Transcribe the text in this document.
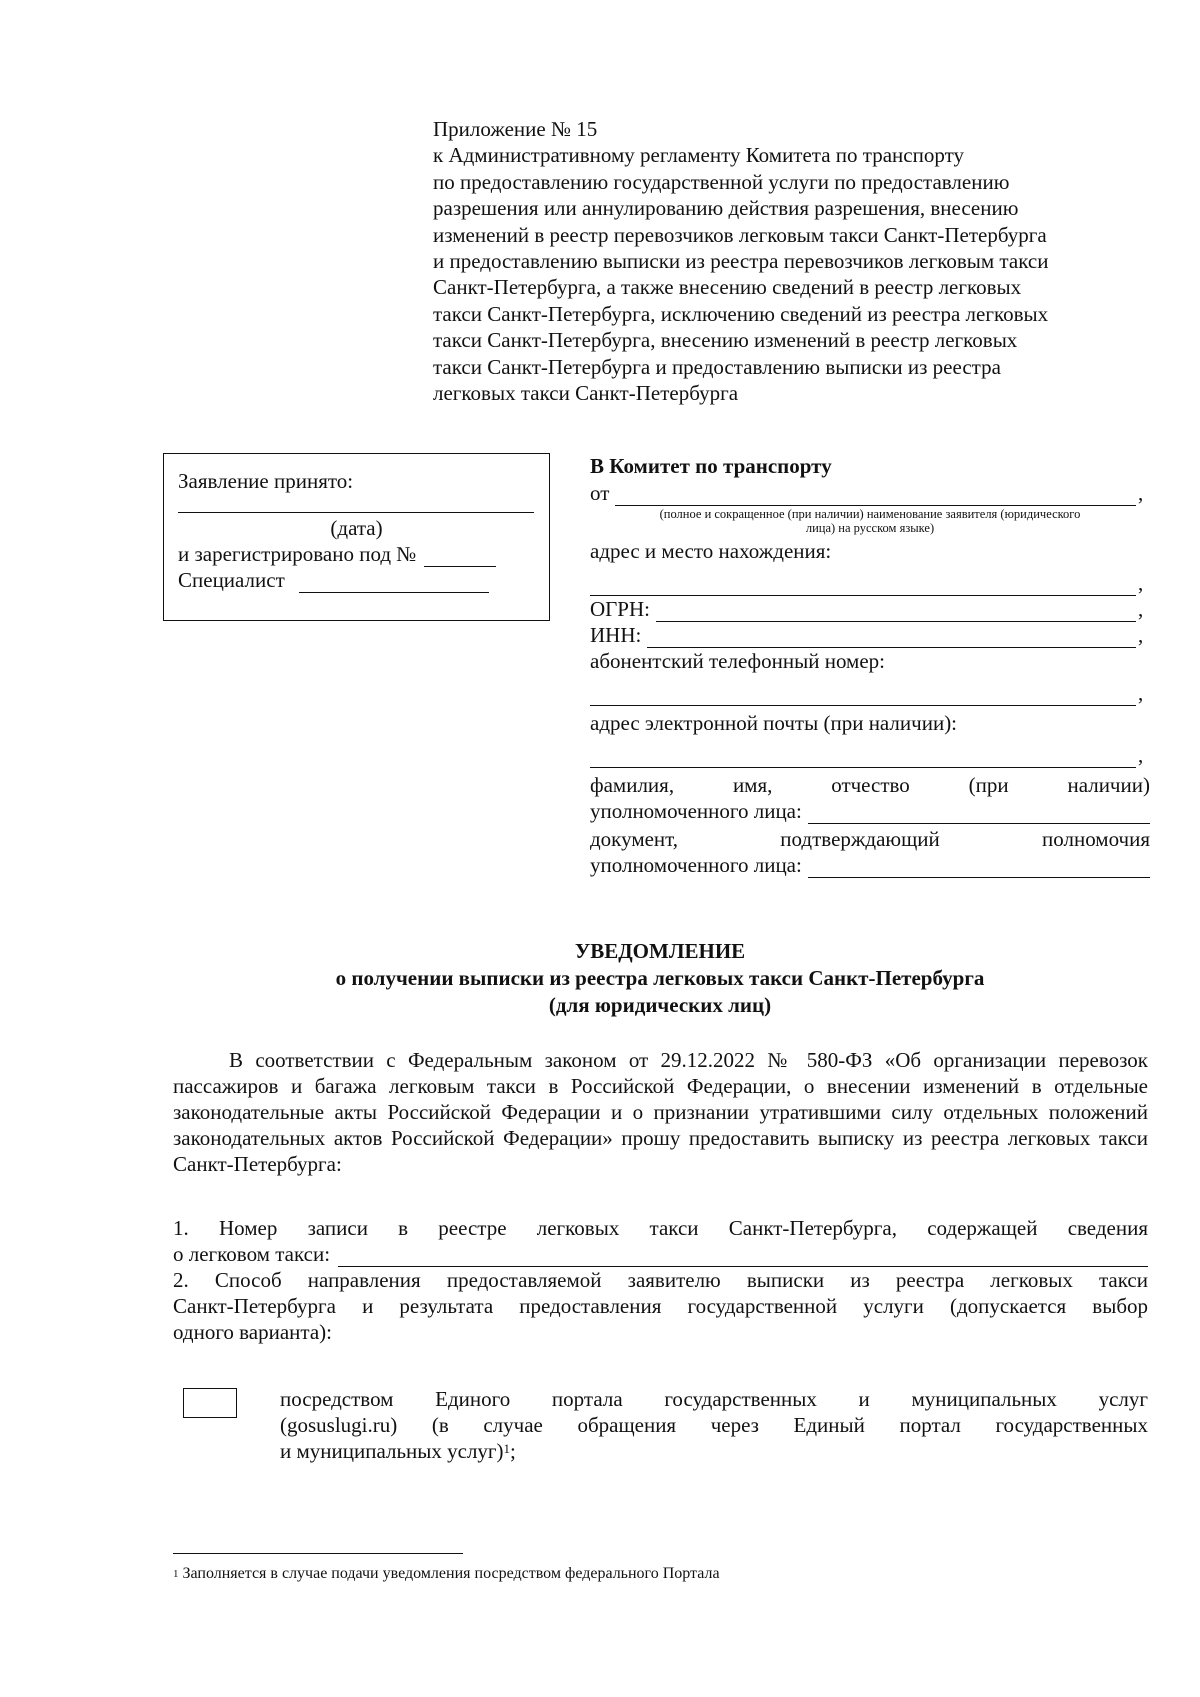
Приложение № 15
к Административному регламенту Комитета по транспорту
по предоставлению государственной услуги по предоставлению
разрешения или аннулированию действия разрешения, внесению
изменений в реестр перевозчиков легковым такси Санкт-Петербурга
и предоставлению выписки из реестра перевозчиков легковым такси
Санкт-Петербурга, а также внесению сведений в реестр легковых
такси Санкт-Петербурга, исключению сведений из реестра легковых
такси Санкт-Петербурга, внесению изменений в реестр легковых
такси Санкт-Петербурга и предоставлению выписки из реестра
легковых такси Санкт-Петербурга
Заявление принято:
(дата)
и зарегистрировано под №
Специалист
В Комитет по транспорту
от	,
(полное и сокращенное (при наличии) наименование заявителя (юридического
лица) на русском языке)
адрес и место нахождения:
,
ОГРН:	,
ИНН:	,
абонентский телефонный номер:
,
адрес электронной почты (при наличии):
,
фамилия,	имя,	отчество	(при	наличии)
уполномоченного лица:
документ,	подтверждающий	полномочия
уполномоченного лица:
УВЕДОМЛЕНИЕ
о получении выписки из реестра легковых такси Санкт-Петербурга
(для юридических лиц)
В соответствии с Федеральным законом от 29.12.2022 № 580-ФЗ «Об организации перевозок пассажиров и багажа легковым такси в Российской Федерации, о внесении изменений в отдельные законодательные акты Российской Федерации и о признании утратившими силу отдельных положений законодательных актов Российской Федерации» прошу предоставить выписку из реестра легковых такси Санкт-Петербурга:
1. Номер записи в реестре легковых такси Санкт-Петербурга, содержащей сведения
о легковом такси:
2. Способ направления предоставляемой заявителю выписки из реестра легковых такси
Санкт-Петербурга и результата предоставления государственной услуги (допускается выбор
одного варианта):
посредством Единого портала государственных и муниципальных услуг
(gosuslugi.ru) (в случае обращения через Единый портал государственных
и муниципальных услуг)$^1$;
$^1$ Заполняется в случае подачи уведомления посредством федерального Портала
